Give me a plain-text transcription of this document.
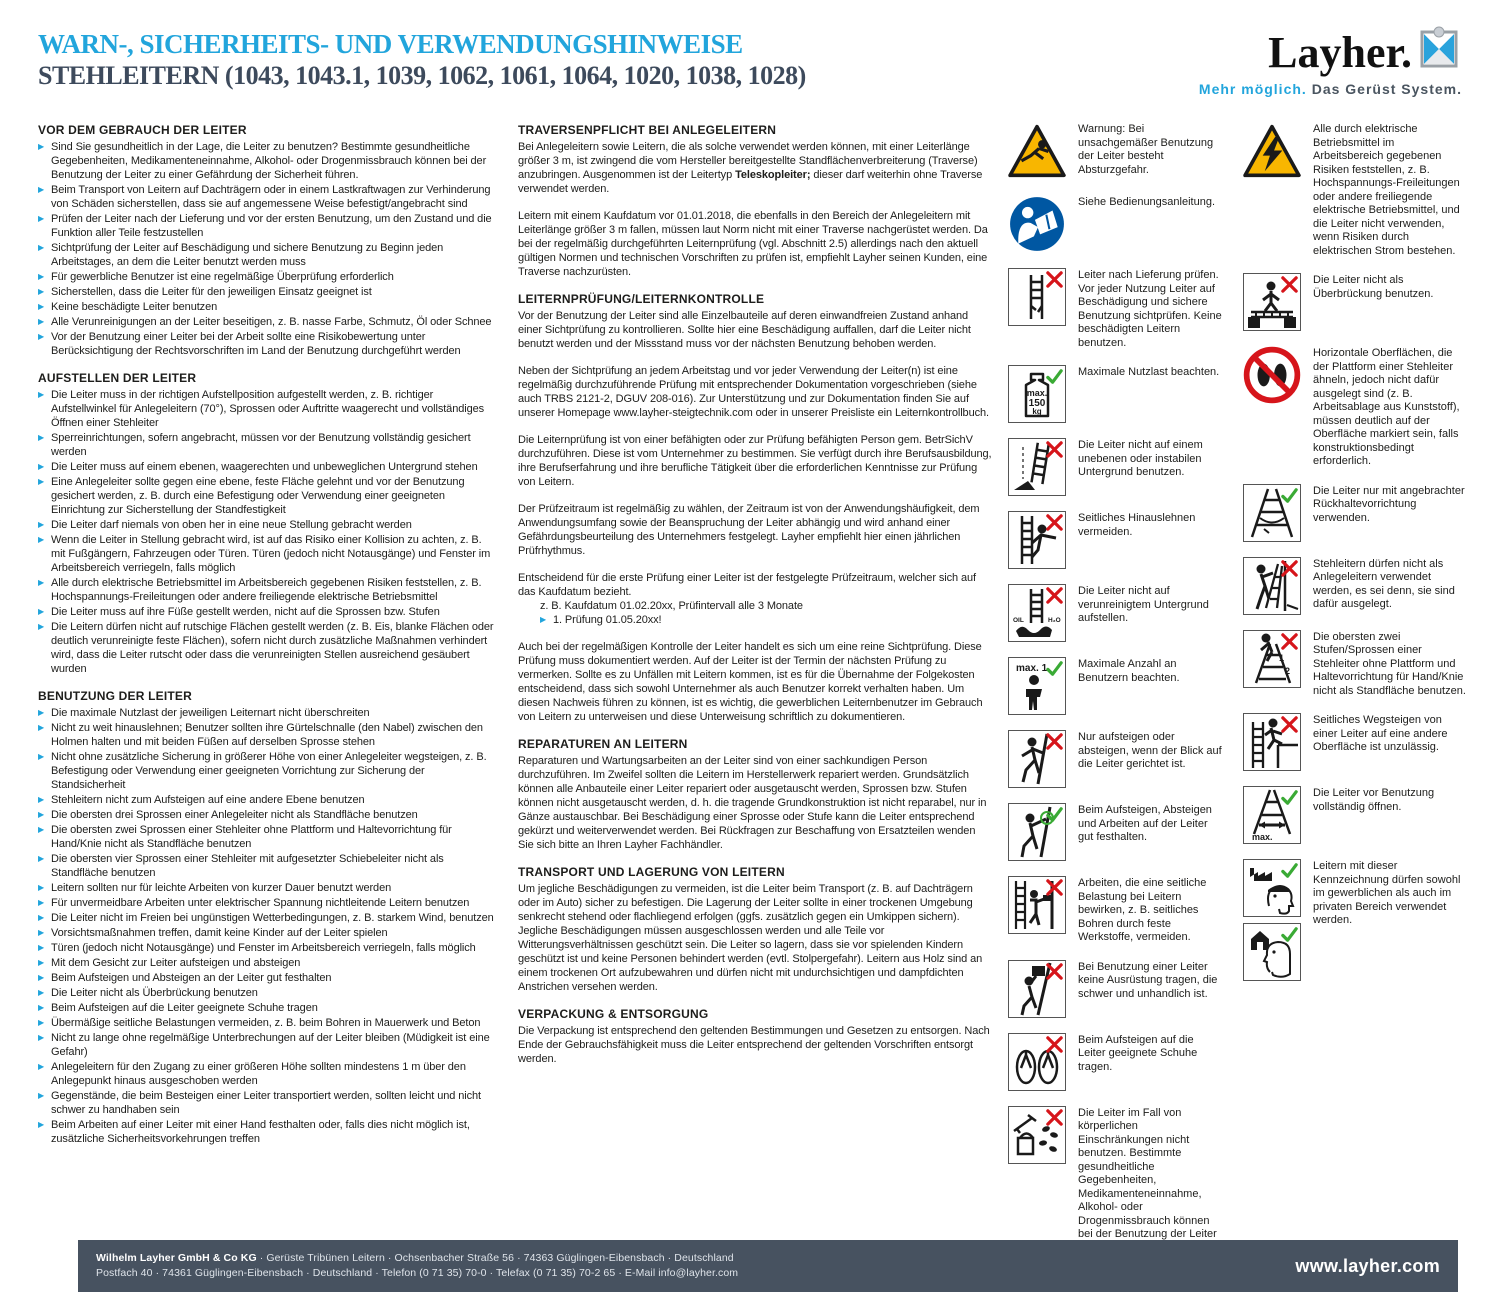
WARN-, SICHERHEITS- UND VERWENDUNGSHINWEISE
STEHLEITERN (1043, 1043.1, 1039, 1062, 1061, 1064, 1020, 1038, 1028)	Layher.
Mehr möglich. Das Gerüst System.
VOR DEM GEBRAUCH DER LEITER
▶ Sind Sie gesundheitlich in der Lage, die Leiter zu benutzen? Bestimmte gesundheitliche Gegebenheiten, Medikamenteneinnahme, Alkohol- oder Drogenmissbrauch können bei der Benutzung der Leiter zu einer Gefährdung der Sicherheit führen.
▶ Beim Transport von Leitern auf Dachträgern oder in einem Lastkraftwagen zur Verhinderung von Schäden sicherstellen, dass sie auf angemessene Weise befestigt/angebracht sind
▶ Prüfen der Leiter nach der Lieferung und vor der ersten Benutzung, um den Zustand und die Funktion aller Teile festzustellen
▶ Sichtprüfung der Leiter auf Beschädigung und sichere Benutzung zu Beginn jeden Arbeitstages, an dem die Leiter benutzt werden muss
▶ Für gewerbliche Benutzer ist eine regelmäßige Überprüfung erforderlich
▶ Sicherstellen, dass die Leiter für den jeweiligen Einsatz geeignet ist
▶ Keine beschädigte Leiter benutzen
▶ Alle Verunreinigungen an der Leiter beseitigen, z. B. nasse Farbe, Schmutz, Öl oder Schnee
▶ Vor der Benutzung einer Leiter bei der Arbeit sollte eine Risikobewertung unter Berücksichtigung der Rechtsvorschriften im Land der Benutzung durchgeführt werden
AUFSTELLEN DER LEITER
▶ Die Leiter muss in der richtigen Aufstellposition aufgestellt werden, z. B. richtiger Aufstellwinkel für Anlegeleitern (70°), Sprossen oder Auftritte waagerecht und vollständiges Öffnen einer Stehleiter
▶ Sperreinrichtungen, sofern angebracht, müssen vor der Benutzung vollständig gesichert werden
▶ Die Leiter muss auf einem ebenen, waagerechten und unbeweglichen Untergrund stehen
▶ Eine Anlegeleiter sollte gegen eine ebene, feste Fläche gelehnt und vor der Benutzung gesichert werden, z. B. durch eine Befestigung oder Verwendung einer geeigneten Einrichtung zur Sicherstellung der Standfestigkeit
▶ Die Leiter darf niemals von oben her in eine neue Stellung gebracht werden
▶ Wenn die Leiter in Stellung gebracht wird, ist auf das Risiko einer Kollision zu achten, z. B. mit Fußgängern, Fahrzeugen oder Türen. Türen (jedoch nicht Notausgänge) und Fenster im Arbeitsbereich verriegeln, falls möglich
▶ Alle durch elektrische Betriebsmittel im Arbeitsbereich gegebenen Risiken feststellen, z. B. Hochspannungs-Freileitungen oder andere freiliegende elektrische Betriebsmittel
▶ Die Leiter muss auf ihre Füße gestellt werden, nicht auf die Sprossen bzw. Stufen
▶ Die Leitern dürfen nicht auf rutschige Flächen gestellt werden (z. B. Eis, blanke Flächen oder deutlich verunreinigte feste Flächen), sofern nicht durch zusätzliche Maßnahmen verhindert wird, dass die Leiter rutscht oder dass die verunreinigten Stellen ausreichend gesäubert wurden
BENUTZUNG DER LEITER
▶ Die maximale Nutzlast der jeweiligen Leiternart nicht überschreiten
▶ Nicht zu weit hinauslehnen; Benutzer sollten ihre Gürtelschnalle (den Nabel) zwischen den Holmen halten und mit beiden Füßen auf derselben Sprosse stehen
▶ Nicht ohne zusätzliche Sicherung in größerer Höhe von einer Anlegeleiter wegsteigen, z. B. Befestigung oder Verwendung einer geeigneten Vorrichtung zur Sicherung der Standsicherheit
▶ Stehleitern nicht zum Aufsteigen auf eine andere Ebene benutzen
▶ Die obersten drei Sprossen einer Anlegeleiter nicht als Standfläche benutzen
▶ Die obersten zwei Sprossen einer Stehleiter ohne Plattform und Haltevorrichtung für Hand/Knie nicht als Standfläche benutzen
▶ Die obersten vier Sprossen einer Stehleiter mit aufgesetzter Schiebeleiter nicht als Standfläche benutzen
▶ Leitern sollten nur für leichte Arbeiten von kurzer Dauer benutzt werden
▶ Für unvermeidbare Arbeiten unter elektrischer Spannung nichtleitende Leitern benutzen
▶ Die Leiter nicht im Freien bei ungünstigen Wetterbedingungen, z. B. starkem Wind, benutzen
▶ Vorsichtsmaßnahmen treffen, damit keine Kinder auf der Leiter spielen
▶ Türen (jedoch nicht Notausgänge) und Fenster im Arbeitsbereich verriegeln, falls möglich
▶ Mit dem Gesicht zur Leiter aufsteigen und absteigen
▶ Beim Aufsteigen und Absteigen an der Leiter gut festhalten
▶ Die Leiter nicht als Überbrückung benutzen
▶ Beim Aufsteigen auf die Leiter geeignete Schuhe tragen
▶ Übermäßige seitliche Belastungen vermeiden, z. B. beim Bohren in Mauerwerk und Beton
▶ Nicht zu lange ohne regelmäßige Unterbrechungen auf der Leiter bleiben (Müdigkeit ist eine Gefahr)
▶ Anlegeleitern für den Zugang zu einer größeren Höhe sollten mindestens 1 m über den Anlegepunkt hinaus ausgeschoben werden
▶ Gegenstände, die beim Besteigen einer Leiter transportiert werden, sollten leicht und nicht schwer zu handhaben sein
▶ Beim Arbeiten auf einer Leiter mit einer Hand festhalten oder, falls dies nicht möglich ist, zusätzliche Sicherheitsvorkehrungen treffen
TRAVERSENPFLICHT BEI ANLEGELEITERN
Bei Anlegeleitern sowie Leitern, die als solche verwendet werden können, mit einer Leiterlänge größer 3 m, ist zwingend die vom Hersteller bereitgestellte Standflächenverbreiterung (Traverse) anzubringen. Ausgenommen ist der Leitertyp Teleskopleiter; dieser darf weiterhin ohne Traverse verwendet werden.
Leitern mit einem Kaufdatum vor 01.01.2018, die ebenfalls in den Bereich der Anlegeleitern mit Leiterlänge größer 3 m fallen, müssen laut Norm nicht mit einer Traverse nachgerüstet werden. Da bei der regelmäßig durchgeführten Leiternprüfung (vgl. Abschnitt 2.5) allerdings nach den aktuell gültigen Normen und technischen Vorschriften zu prüfen ist, empfiehlt Layher seinen Kunden, eine Traverse nachzurüsten.
LEITERNPRÜFUNG/LEITERNKONTROLLE
Vor der Benutzung der Leiter sind alle Einzelbauteile auf deren einwandfreien Zustand anhand einer Sichtprüfung zu kontrollieren. Sollte hier eine Beschädigung auffallen, darf die Leiter nicht benutzt werden und der Missstand muss vor der nächsten Benutzung behoben werden.
Neben der Sichtprüfung an jedem Arbeitstag und vor jeder Verwendung der Leiter(n) ist eine regelmäßig durchzuführende Prüfung mit entsprechender Dokumentation vorgeschrieben (siehe auch TRBS 2121-2, DGUV 208-016). Zur Unterstützung und zur Dokumentation finden Sie auf unserer Homepage www.layher-steigtechnik.com oder in unserer Preisliste ein Leiternkontrollbuch.
Die Leiternprüfung ist von einer befähigten oder zur Prüfung befähigten Person gem. BetrSichV durchzuführen. Diese ist vom Unternehmer zu bestimmen. Sie verfügt durch ihre Berufsausbildung, ihre Berufserfahrung und ihre berufliche Tätigkeit über die erforderlichen Kenntnisse zur Prüfung von Leitern.
Der Prüfzeitraum ist regelmäßig zu wählen, der Zeitraum ist von der Anwendungshäufigkeit, dem Anwendungsumfang sowie der Beanspruchung der Leiter abhängig und wird anhand einer Gefährdungsbeurteilung des Unternehmers festgelegt. Layher empfiehlt hier einen jährlichen Prüfrhythmus.
Entscheidend für die erste Prüfung einer Leiter ist der festgelegte Prüfzeitraum, welcher sich auf das Kaufdatum bezieht.
z. B. Kaufdatum 01.02.20xx, Prüfintervall alle 3 Monate
▶ 1. Prüfung 01.05.20xx!
Auch bei der regelmäßigen Kontrolle der Leiter handelt es sich um eine reine Sichtprüfung. Diese Prüfung muss dokumentiert werden. Auf der Leiter ist der Termin der nächsten Prüfung zu vermerken. Sollte es zu Unfällen mit Leitern kommen, ist es für die Übernahme der Folgekosten entscheidend, dass sich sowohl Unternehmer als auch Benutzer korrekt verhalten haben. Um diesen Nachweis führen zu können, ist es wichtig, die gewerblichen Leiternbenutzer im Gebrauch von Leitern zu unterweisen und diese Unterweisung schriftlich zu dokumentieren.
REPARATUREN AN LEITERN
Reparaturen und Wartungsarbeiten an der Leiter sind von einer sachkundigen Person durchzuführen. Im Zweifel sollten die Leitern im Herstellerwerk repariert werden. Grundsätzlich können alle Anbauteile einer Leiter repariert oder ausgetauscht werden, Sprossen bzw. Stufen können nicht ausgetauscht werden, d. h. die tragende Grundkonstruktion ist nicht reparabel, nur in Gänze austauschbar. Bei Beschädigung einer Sprosse oder Stufe kann die Leiter entsprechend gekürzt und weiterverwendet werden. Bei Rückfragen zur Beschaffung von Ersatzteilen wenden Sie sich bitte an Ihren Layher Fachhändler.
TRANSPORT UND LAGERUNG VON LEITERN
Um jegliche Beschädigungen zu vermeiden, ist die Leiter beim Transport (z. B. auf Dachträgern oder im Auto) sicher zu befestigen. Die Lagerung der Leiter sollte in einer trockenen Umgebung senkrecht stehend oder flachliegend erfolgen (ggfs. zusätzlich gegen ein Umkippen sichern). Jegliche Beschädigungen müssen ausgeschlossen werden und alle Teile vor Witterungsverhältnissen geschützt sein. Die Leiter so lagern, dass sie vor spielenden Kindern geschützt ist und keine Personen behindert werden (evtl. Stolpergefahr). Leitern aus Holz sind an einem trockenen Ort aufzubewahren und dürfen nicht mit undurchsichtigen und dampfdichten Anstrichen versehen werden.
VERPACKUNG & ENTSORGUNG
Die Verpackung ist entsprechend den geltenden Bestimmungen und Gesetzen zu entsorgen. Nach Ende der Gebrauchsfähigkeit muss die Leiter entsprechend der geltenden Vorschriften entsorgt werden.
Warnung: Bei unsachgemäßer Benutzung der Leiter besteht Absturzgefahr.
Siehe Bedienungsanleitung.
Leiter nach Lieferung prüfen. Vor jeder Nutzung Leiter auf Beschädigung und sichere Benutzung sichtprüfen. Keine beschädigten Leitern benutzen.
max.
150
kg
Maximale Nutzlast beachten.
Die Leiter nicht auf einem unebenen oder instabilen Untergrund benutzen.
Seitliches Hinauslehnen vermeiden.
OIL	H₂O
Die Leiter nicht auf verunreinigtem Untergrund aufstellen.
max. 1	Maximale Anzahl an Benutzern beachten.
Nur aufsteigen oder absteigen, wenn der Blick auf die Leiter gerichtet ist.
Beim Aufsteigen, Absteigen und Arbeiten auf der Leiter gut festhalten.
Arbeiten, die eine seitliche Belastung bei Leitern bewirken, z. B. seitliches Bohren durch feste Werkstoffe, vermeiden.
Bei Benutzung einer Leiter keine Ausrüstung tragen, die schwer und unhandlich ist.
Beim Aufsteigen auf die Leiter geeignete Schuhe tragen.
Die Leiter im Fall von körperlichen Einschränkungen nicht benutzen. Bestimmte gesundheitliche Gegebenheiten, Medikamenteneinnahme, Alkohol- oder Drogenmissbrauch können bei der Benutzung der Leiter
Alle durch elektrische Betriebsmittel im Arbeitsbereich gegebenen Risiken feststellen, z. B. Hochspannungs-Freileitungen oder andere freiliegende elektrische Betriebsmittel, und die Leiter nicht verwenden, wenn Risiken durch elektrischen Strom bestehen.
Die Leiter nicht als Überbrückung benutzen.
Horizontale Oberflächen, die der Plattform einer Stehleiter ähneln, jedoch nicht dafür ausgelegt sind (z. B. Arbeitsablage aus Kunststoff), müssen deutlich auf der Oberfläche markiert sein, falls konstruktionsbedingt erforderlich.
Die Leiter nur mit angebrachter Rückhaltevorrichtung verwenden.
Stehleitern dürfen nicht als Anlegeleitern verwendet werden, es sei denn, sie sind dafür ausgelegt.
1
2
Die obersten zwei Stufen/Sprossen einer Stehleiter ohne Plattform und Haltevorrichtung für Hand/Knie nicht als Standfläche benutzen.
Seitliches Wegsteigen von einer Leiter auf eine andere Oberfläche ist unzulässig.
max.
Die Leiter vor Benutzung vollständig öffnen.
Leitern mit dieser Kennzeichnung dürfen sowohl im gewerblichen als auch im privaten Bereich verwendet werden.
Wilhelm Layher GmbH & Co KG · Gerüste Tribünen Leitern · Ochsenbacher Straße 56 · 74363 Güglingen-Eibensbach · Deutschland
Postfach 40 · 74361 Güglingen-Eibensbach · Deutschland · Telefon (0 71 35) 70-0 · Telefax (0 71 35) 70-2 65 · E-Mail info@layher.com	www.layher.com
